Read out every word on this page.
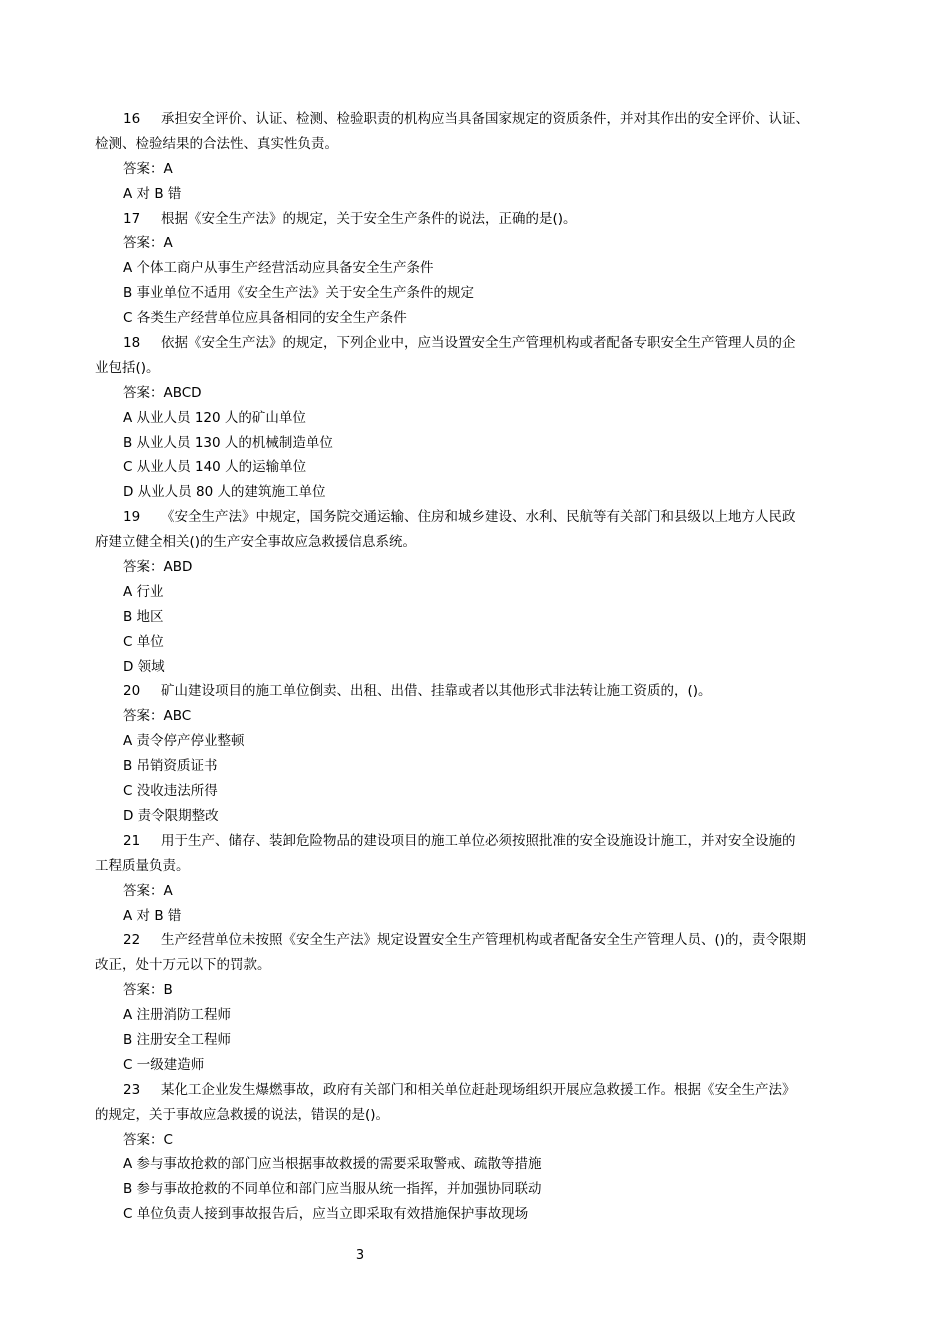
16 承担安全评价、认证、检测、检验职责的机构应当具备国家规定的资质条件，并对其作出的安全评价、认证、
检测、检验结果的合法性、真实性负责。
答案：A
A 对 B 错
17 根据《安全生产法》的规定，关于安全生产条件的说法，正确的是()。
答案：A
A 个体工商户从事生产经营活动应具备安全生产条件
B 事业单位不适用《安全生产法》关于安全生产条件的规定
C 各类生产经营单位应具备相同的安全生产条件
18 依据《安全生产法》的规定，下列企业中，应当设置安全生产管理机构或者配备专职安全生产管理人员的企
业包括()。
答案：ABCD
A 从业人员 120 人的矿山单位
B 从业人员 130 人的机械制造单位
C 从业人员 140 人的运输单位
D 从业人员 80 人的建筑施工单位
19 《安全生产法》中规定，国务院交通运输、住房和城乡建设、水利、民航等有关部门和县级以上地方人民政
府建立健全相关()的生产安全事故应急救援信息系统。
答案：ABD
A 行业
B 地区
C 单位
D 领域
20 矿山建设项目的施工单位倒卖、出租、出借、挂靠或者以其他形式非法转让施工资质的，()。
答案：ABC
A 责令停产停业整顿
B 吊销资质证书
C 没收违法所得
D 责令限期整改
21 用于生产、储存、装卸危险物品的建设项目的施工单位必须按照批准的安全设施设计施工，并对安全设施的
工程质量负责。
答案：A
A 对 B 错
22 生产经营单位未按照《安全生产法》规定设置安全生产管理机构或者配备安全生产管理人员、()的，责令限期
改正，处十万元以下的罚款。
答案：B
A 注册消防工程师
B 注册安全工程师
C 一级建造师
23 某化工企业发生爆燃事故，政府有关部门和相关单位赶赴现场组织开展应急救援工作。根据《安全生产法》
的规定，关于事故应急救援的说法，错误的是()。
答案：C
A 参与事故抢救的部门应当根据事故救援的需要采取警戒、疏散等措施
B 参与事故抢救的不同单位和部门应当服从统一指挥，并加强协同联动
C 单位负责人接到事故报告后，应当立即采取有效措施保护事故现场
3
